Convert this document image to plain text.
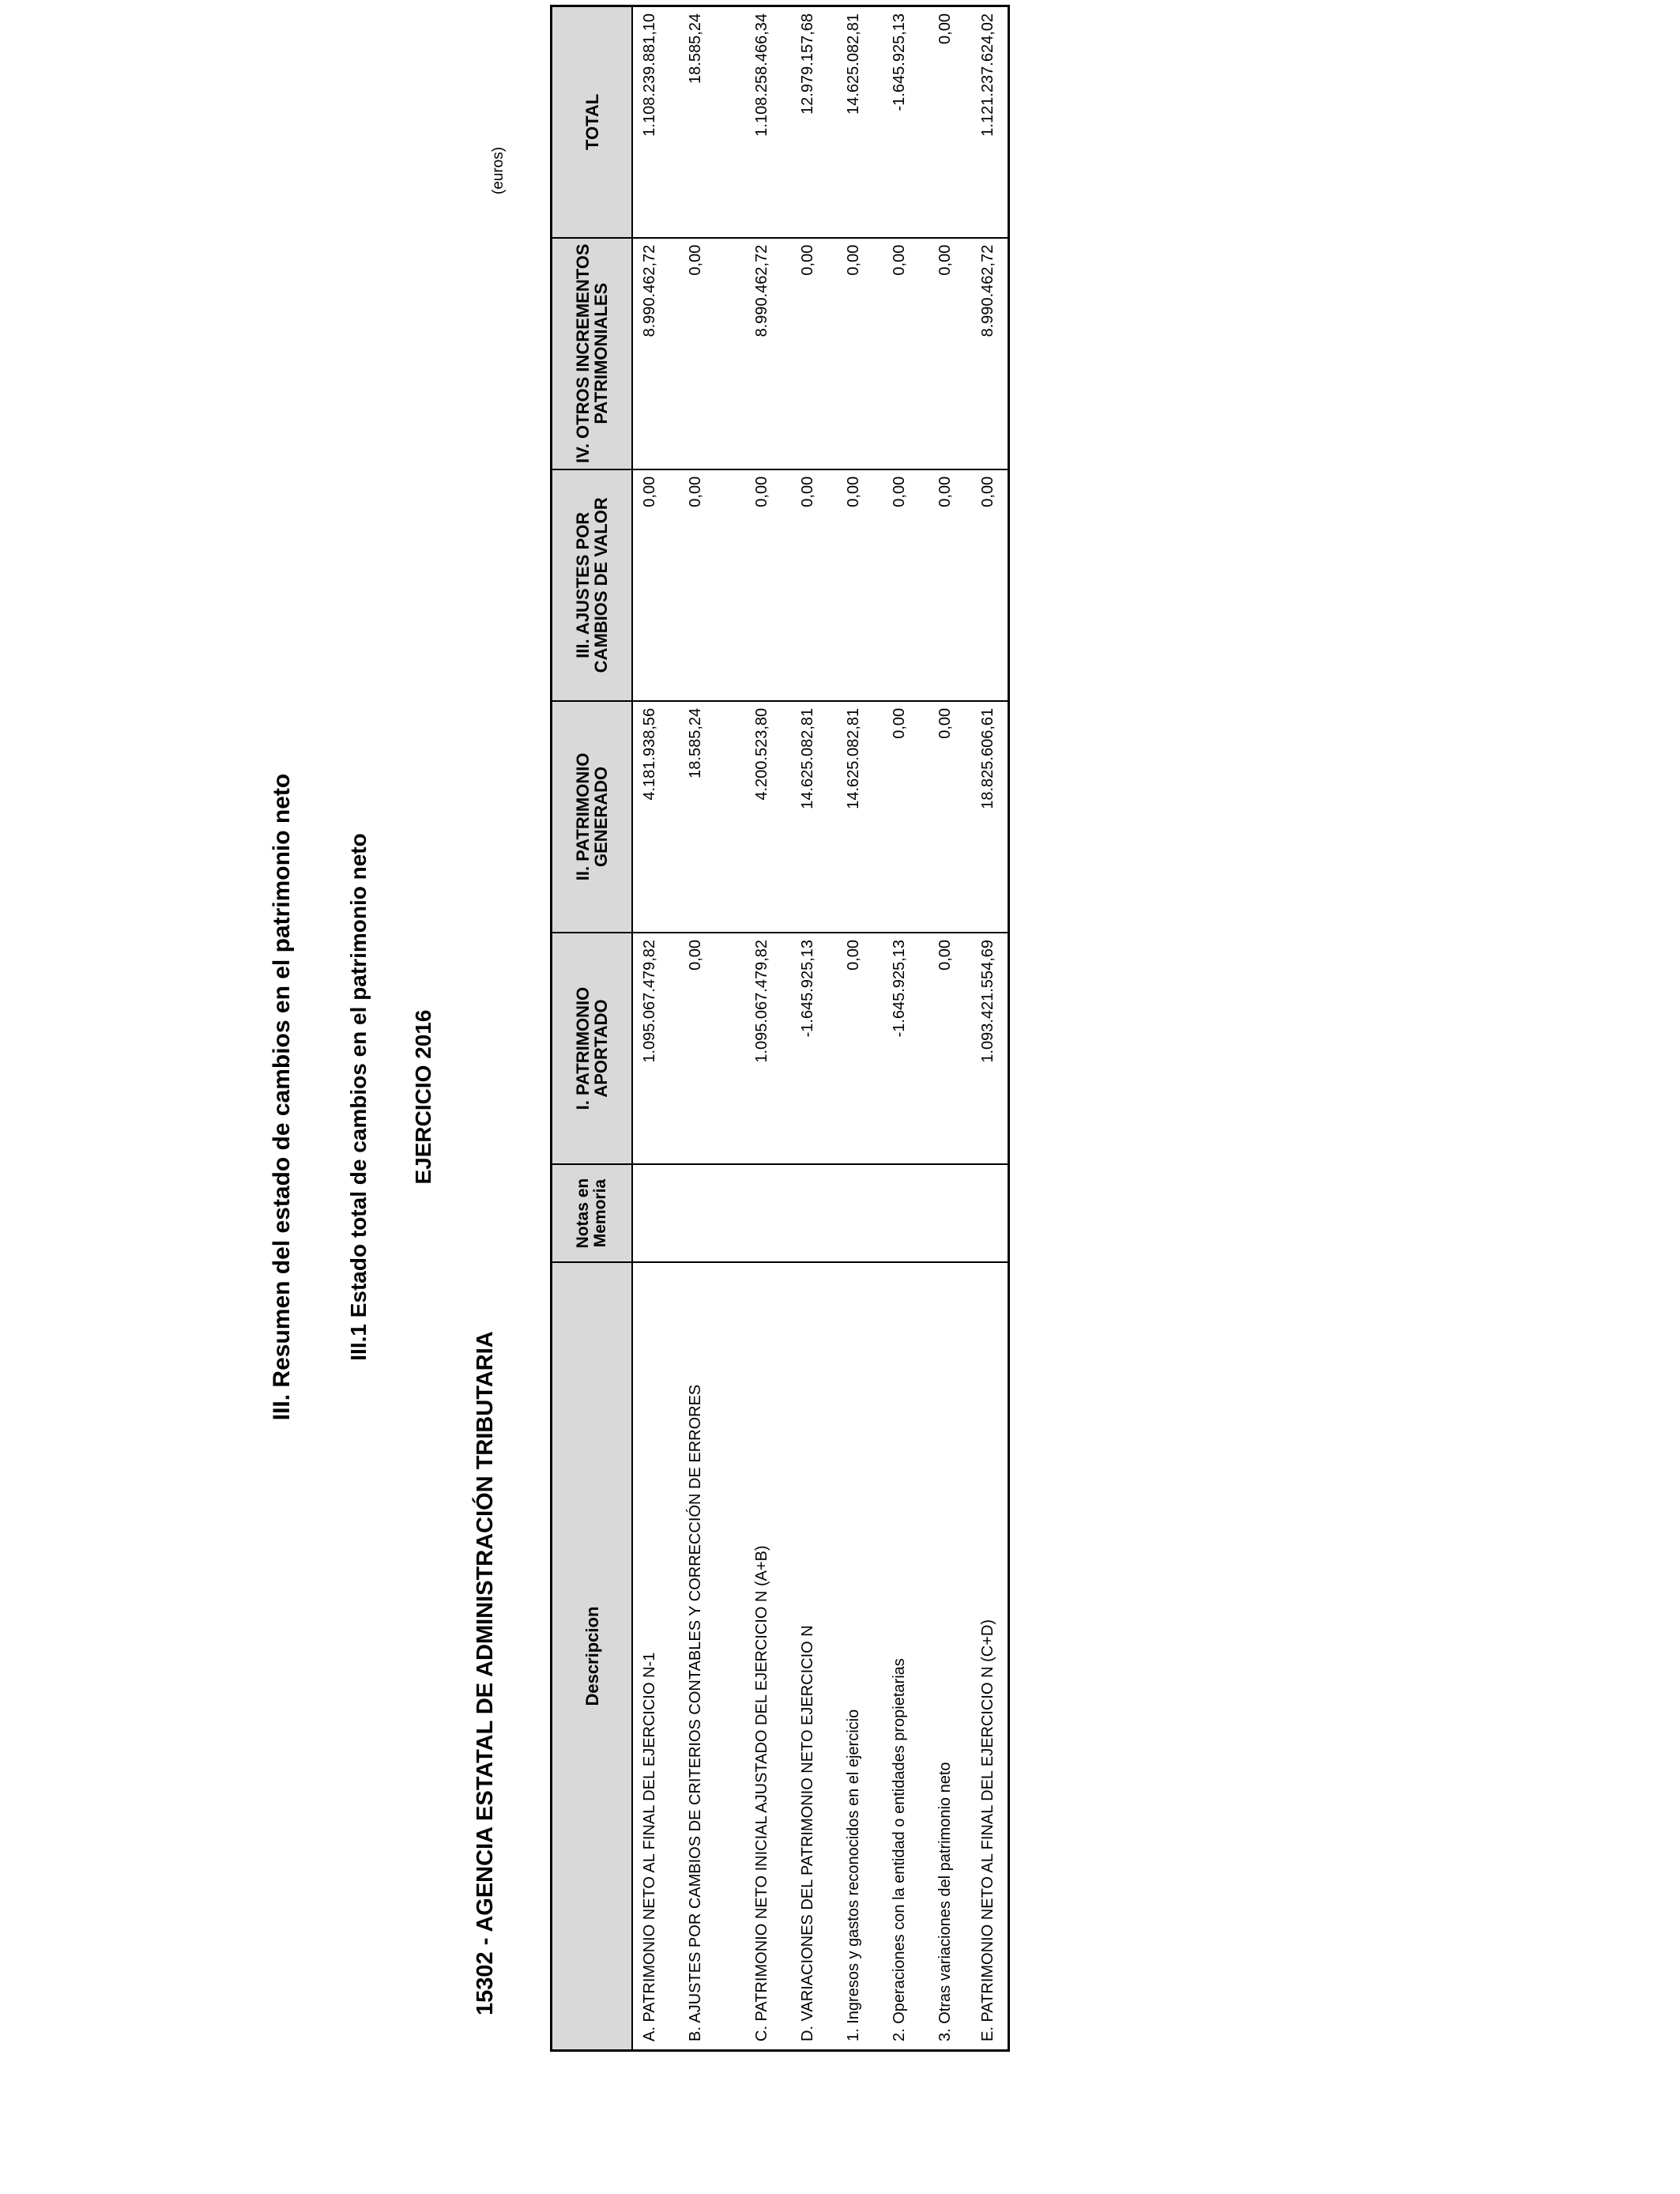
III. Resumen del estado de cambios en el patrimonio neto III.1 Estado total de cambios en el patrimonio neto EJERCICIO 2016
15302 - AGENCIA ESTATAL DE ADMINISTRACIÓN TRIBUTARIA
(euros)
Descripcion	Notas en Memoria	I. PATRIMONIO APORTADO	II. PATRIMONIO GENERADO	III. AJUSTES POR CAMBIOS DE VALOR	IV. OTROS INCREMENTOS PATRIMONIALES	TOTAL
A. PATRIMONIO NETO AL FINAL DEL EJERCICIO N-1		1.095.067.479,82	4.181.938,56	0,00	8.990.462,72	1.108.239.881,10
B. AJUSTES POR CAMBIOS DE CRITERIOS CONTABLES Y CORRECCIÓN DE ERRORES		0,00	18.585,24	0,00	0,00	18.585,24
C. PATRIMONIO NETO INICIAL AJUSTADO DEL EJERCICIO N (A+B)		1.095.067.479,82	4.200.523,80	0,00	8.990.462,72	1.108.258.466,34
D. VARIACIONES DEL PATRIMONIO NETO EJERCICIO N		-1.645.925,13	14.625.082,81	0,00	0,00	12.979.157,68
1. Ingresos y gastos reconocidos en el ejercicio		0,00	14.625.082,81	0,00	0,00	14.625.082,81
2. Operaciones con la entidad o entidades propietarias		-1.645.925,13	0,00	0,00	0,00	-1.645.925,13
3. Otras variaciones del patrimonio neto		0,00	0,00	0,00	0,00	0,00
E. PATRIMONIO NETO AL FINAL DEL EJERCICIO N (C+D)		1.093.421.554,69	18.825.606,61	0,00	8.990.462,72	1.121.237.624,02
